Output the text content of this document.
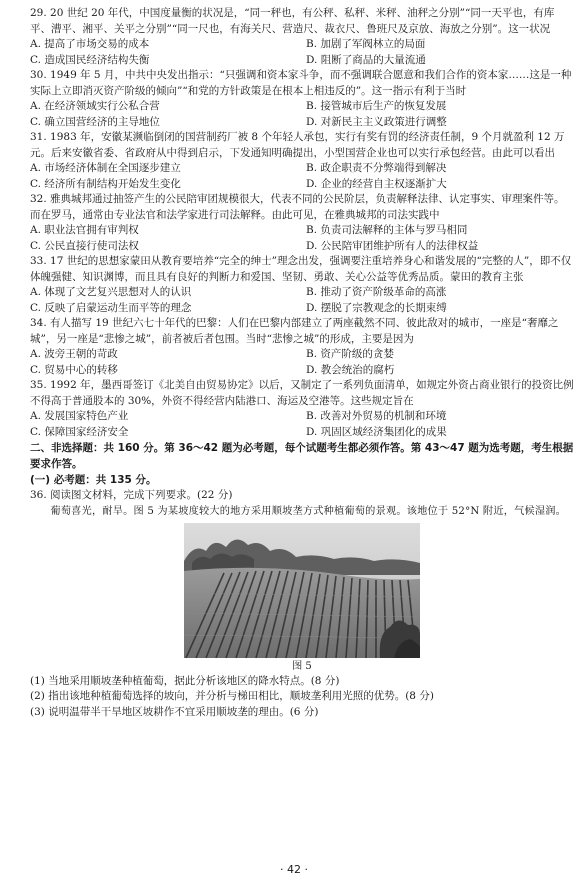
29. 20 世纪 20 年代，中国度量衡的状况是，“同一秤也，有公秤、私秤、米秤、油秤之分别”“同一天平也，有库平、漕平、湘平、关平之分别”“同一尺也，有海关尺、营造尺、裁衣尺、鲁班尺及京放、海放之分别”。这一状况
A. 提高了市场交易的成本	B. 加剧了军阀林立的局面
C. 造成国民经济结构失衡	D. 阻断了商品的大量流通
30. 1949 年 5 月，中共中央发出指示：“只强调和资本家斗争，而不强调联合愿意和我们合作的资本家……这是一种实际上立即消灭资产阶级的倾向”“和党的方针政策是在根本上相违反的”。这一指示有利于当时
A. 在经济领域实行公私合营	B. 接管城市后生产的恢复发展
C. 确立国营经济的主导地位	D. 对新民主主义政策进行调整
31. 1983 年，安徽某濒临倒闭的国营制药厂被 8 个年轻人承包，实行有奖有罚的经济责任制，9 个月就盈利 12 万元。后来安徽省委、省政府从中得到启示，下发通知明确提出，小型国营企业也可以实行承包经营。由此可以看出
A. 市场经济体制在全国逐步建立	B. 政企职责不分弊端得到解决
C. 经济所有制结构开始发生变化	D. 企业的经营自主权逐渐扩大
32. 雅典城邦通过抽签产生的公民陪审团规模很大，代表不同的公民阶层，负责解释法律、认定事实、审理案件等。而在罗马，通常由专业法官和法学家进行司法解释。由此可见，在雅典城邦的司法实践中
A. 职业法官拥有审判权	B. 负责司法解释的主体与罗马相同
C. 公民直接行使司法权	D. 公民陪审团维护所有人的法律权益
33. 17 世纪的思想家蒙田从教育要培养“完全的绅士”理念出发，强调要注重培养身心和谐发展的“完整的人”，即不仅体魄强健、知识渊博，而且具有良好的判断力和爱国、坚韧、勇敢、关心公益等优秀品质。蒙田的教育主张
A. 体现了文艺复兴思想对人的认识	B. 推动了资产阶级革命的高涨
C. 反映了启蒙运动生而平等的理念	D. 摆脱了宗教观念的长期束缚
34. 有人描写 19 世纪六七十年代的巴黎：人们在巴黎内部建立了两座截然不同、彼此敌对的城市，一座是“奢靡之城”，另一座是“悲惨之城”，前者被后者包围。当时“悲惨之城”的形成，主要是因为
A. 波旁王朝的苛政	B. 资产阶级的贪婪
C. 贸易中心的转移	D. 教会统治的腐朽
35. 1992 年，墨西哥签订《北美自由贸易协定》以后，又制定了一系列负面清单，如规定外资占商业银行的投资比例不得高于普通股本的 30%，外资不得经营内陆港口、海运及空港等。这些规定旨在
A. 发展国家特色产业	B. 改善对外贸易的机制和环境
C. 保障国家经济安全	D. 巩固区域经济集团化的成果
二、非选择题：共 160 分。第 36～42 题为必考题，每个试题考生都必须作答。第 43～47 题为选考题，考生根据要求作答。
(一) 必考题：共 135 分。
36. 阅读图文材料，完成下列要求。(22 分)
葡萄喜光，耐旱。图 5 为某坡度较大的地方采用顺坡垄方式种植葡萄的景观。该地位于 52°N 附近，气候湿润。
图 5
(1) 当地采用顺坡垄种植葡萄，据此分析该地区的降水特点。(8 分)
(2) 指出该地种植葡萄选择的坡向，并分析与梯田相比，顺坡垄利用光照的优势。(8 分)
(3) 说明温带半干旱地区坡耕作不宜采用顺坡垄的理由。(6 分)
· 42 ·
